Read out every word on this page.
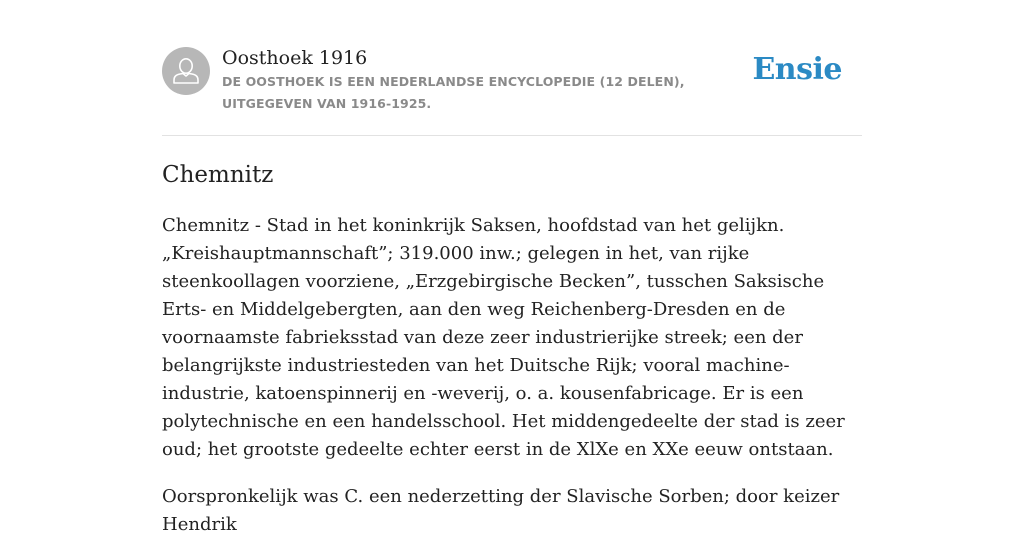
Oosthoek 1916
DE OOSTHOEK IS EEN NEDERLANDSE ENCYCLOPEDIE (12 DELEN), UITGEGEVEN VAN 1916-1925.
Ensie
Chemnitz

Chemnitz - Stad in het koninkrijk Saksen, hoofdstad van het gelijkn. „Kreishauptmannschaft”; 319.000 inw.; gelegen in het, van rijke steenkoollagen voorziene, „Erzgebirgische Becken”, tusschen Saksische Erts- en Middelgebergten, aan den weg Reichenberg-Dresden en de voornaamste fabrieksstad van deze zeer industrierijke streek; een der belangrijkste industriesteden van het Duitsche Rijk; vooral machine-industrie, katoenspinnerij en -weverij, o. a. kousenfabricage. Er is een polytechnische en een handelsschool. Het middengedeelte der stad is zeer oud; het grootste gedeelte echter eerst in de XlXe en XXe eeuw ontstaan.

Oorspronkelijk was C. een nederzetting der Slavische Sorben; door keizer Hendrik
